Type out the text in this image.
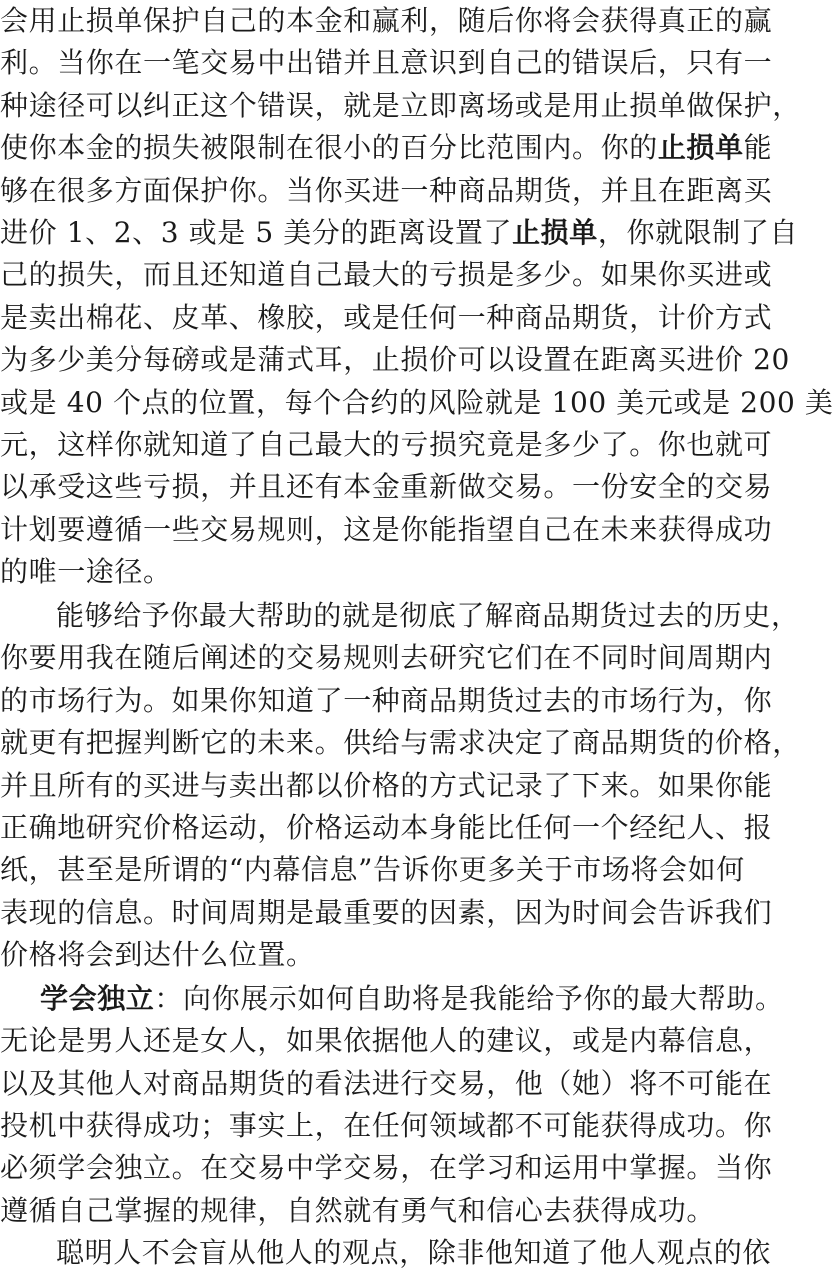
会用止损单保护自己的本金和赢利，随后你将会获得真正的赢
利。当你在一笔交易中出错并且意识到自己的错误后，只有一
种途径可以纠正这个错误，就是立即离场或是用止损单做保护，
使你本金的损失被限制在很小的百分比范围内。你的止损单能
够在很多方面保护你。当你买进一种商品期货，并且在距离买
进价 1、2、3 或是 5 美分的距离设置了止损单，你就限制了自
己的损失，而且还知道自己最大的亏损是多少。如果你买进或
是卖出棉花、皮革、橡胶，或是任何一种商品期货，计价方式
为多少美分每磅或是蒲式耳，止损价可以设置在距离买进价 20
或是 40 个点的位置，每个合约的风险就是 100 美元或是 200 美
元，这样你就知道了自己最大的亏损究竟是多少了。你也就可
以承受这些亏损，并且还有本金重新做交易。一份安全的交易
计划要遵循一些交易规则，这是你能指望自己在未来获得成功
的唯一途径。
能够给予你最大帮助的就是彻底了解商品期货过去的历史，
你要用我在随后阐述的交易规则去研究它们在不同时间周期内
的市场行为。如果你知道了一种商品期货过去的市场行为，你
就更有把握判断它的未来。供给与需求决定了商品期货的价格，
并且所有的买进与卖出都以价格的方式记录了下来。如果你能
正确地研究价格运动，价格运动本身能比任何一个经纪人、报
纸，甚至是所谓的“内幕信息”告诉你更多关于市场将会如何
表现的信息。时间周期是最重要的因素，因为时间会告诉我们
价格将会到达什么位置。
学会独立：向你展示如何自助将是我能给予你的最大帮助。
无论是男人还是女人，如果依据他人的建议，或是内幕信息，
以及其他人对商品期货的看法进行交易，他（她）将不可能在
投机中获得成功；事实上，在任何领域都不可能获得成功。你
必须学会独立。在交易中学交易，在学习和运用中掌握。当你
遵循自己掌握的规律，自然就有勇气和信心去获得成功。
聪明人不会盲从他人的观点，除非他知道了他人观点的依
